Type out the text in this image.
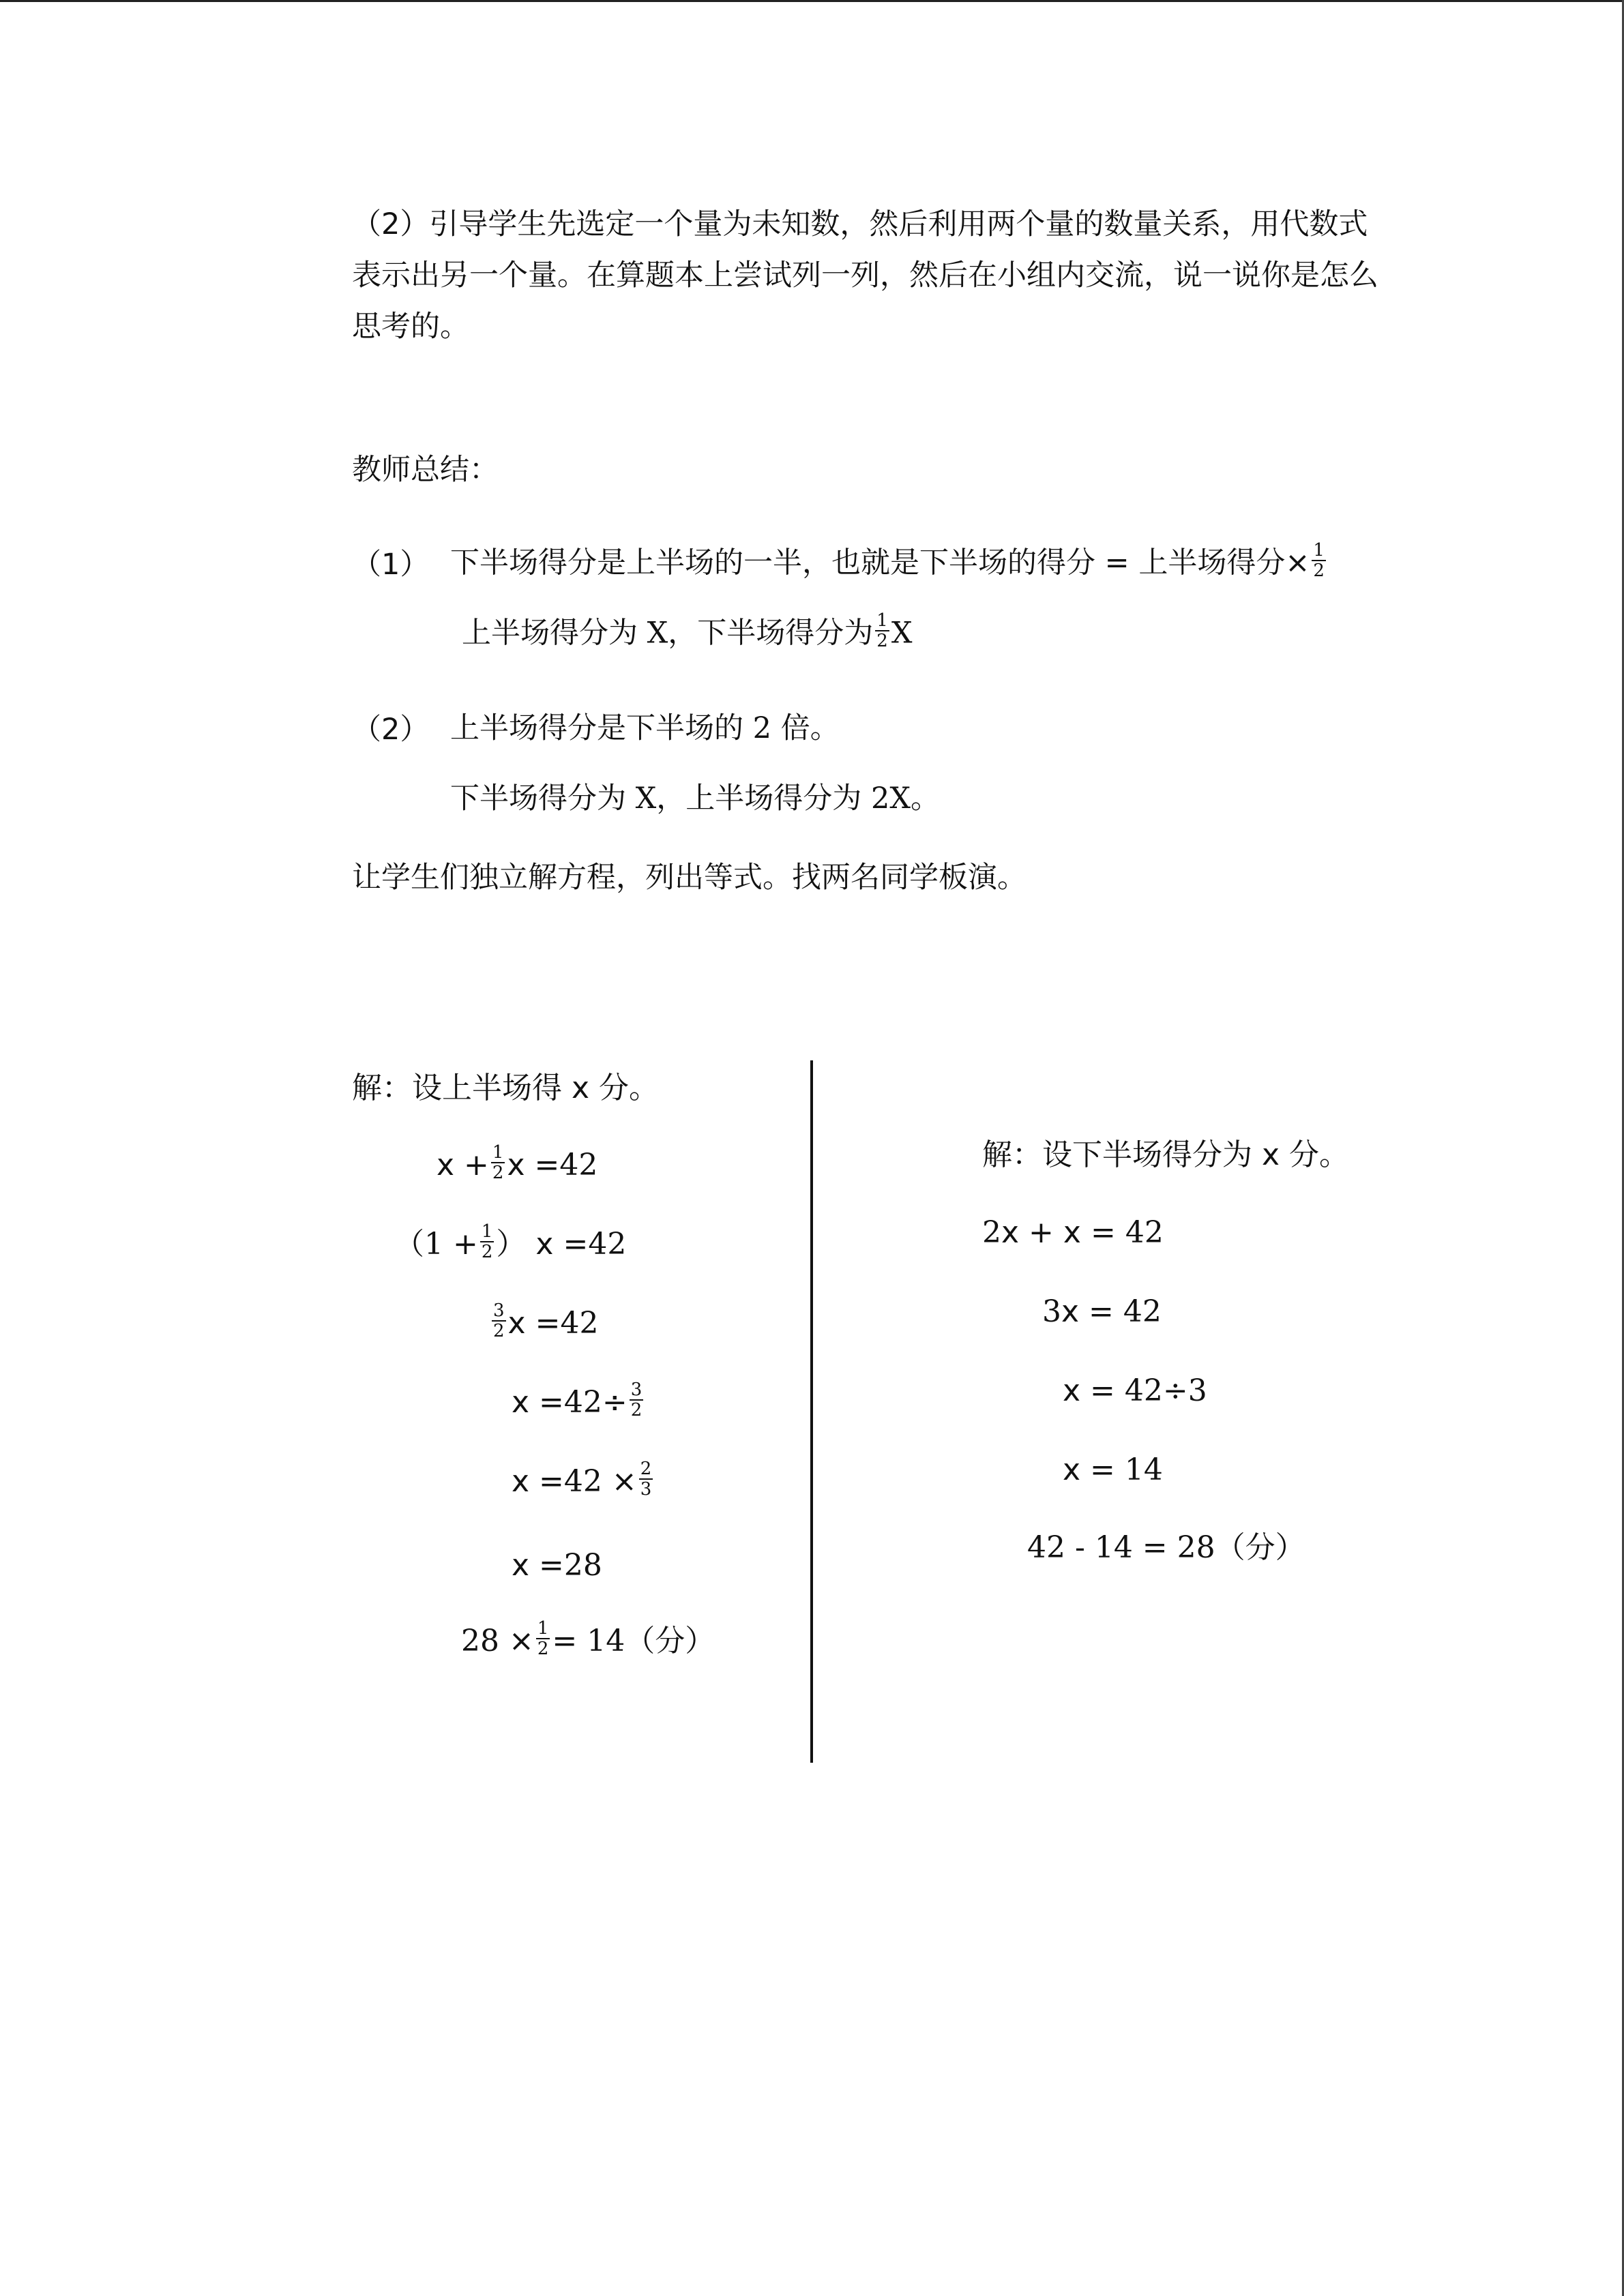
（2）引导学生先选定一个量为未知数，然后利用两个量的数量关系，用代数式表示出另一个量。在算题本上尝试列一列，然后在小组内交流，说一说你是怎么思考的。
教师总结：
（1） 下半场得分是上半场的一半，也就是下半场的得分 = 上半场得分× $\frac{1}{2}$
上半场得分为 X，下半场得分为 $\frac{1}{2}$ X
（2） 上半场得分是下半场的 2 倍。
下半场得分为 X，上半场得分为 2X。
让学生们独立解方程，列出等式。找两名同学板演。
解：设上半场得 x 分。
$x + \frac{1}{2}$ x =42
（$1 + \frac{1}{2}$ ） x =42
$\frac{3}{2}$ x =42
$x =42\div \frac{3}{2}$
$x =42 \times \frac{2}{3}$
x =28
$28 \times \frac{1}{2} = 14$（分）
解：设下半场得分为 x 分。
2x + x = 42
3x = 42
x = 42÷3
x = 14
42 - 14 = 28（分）
